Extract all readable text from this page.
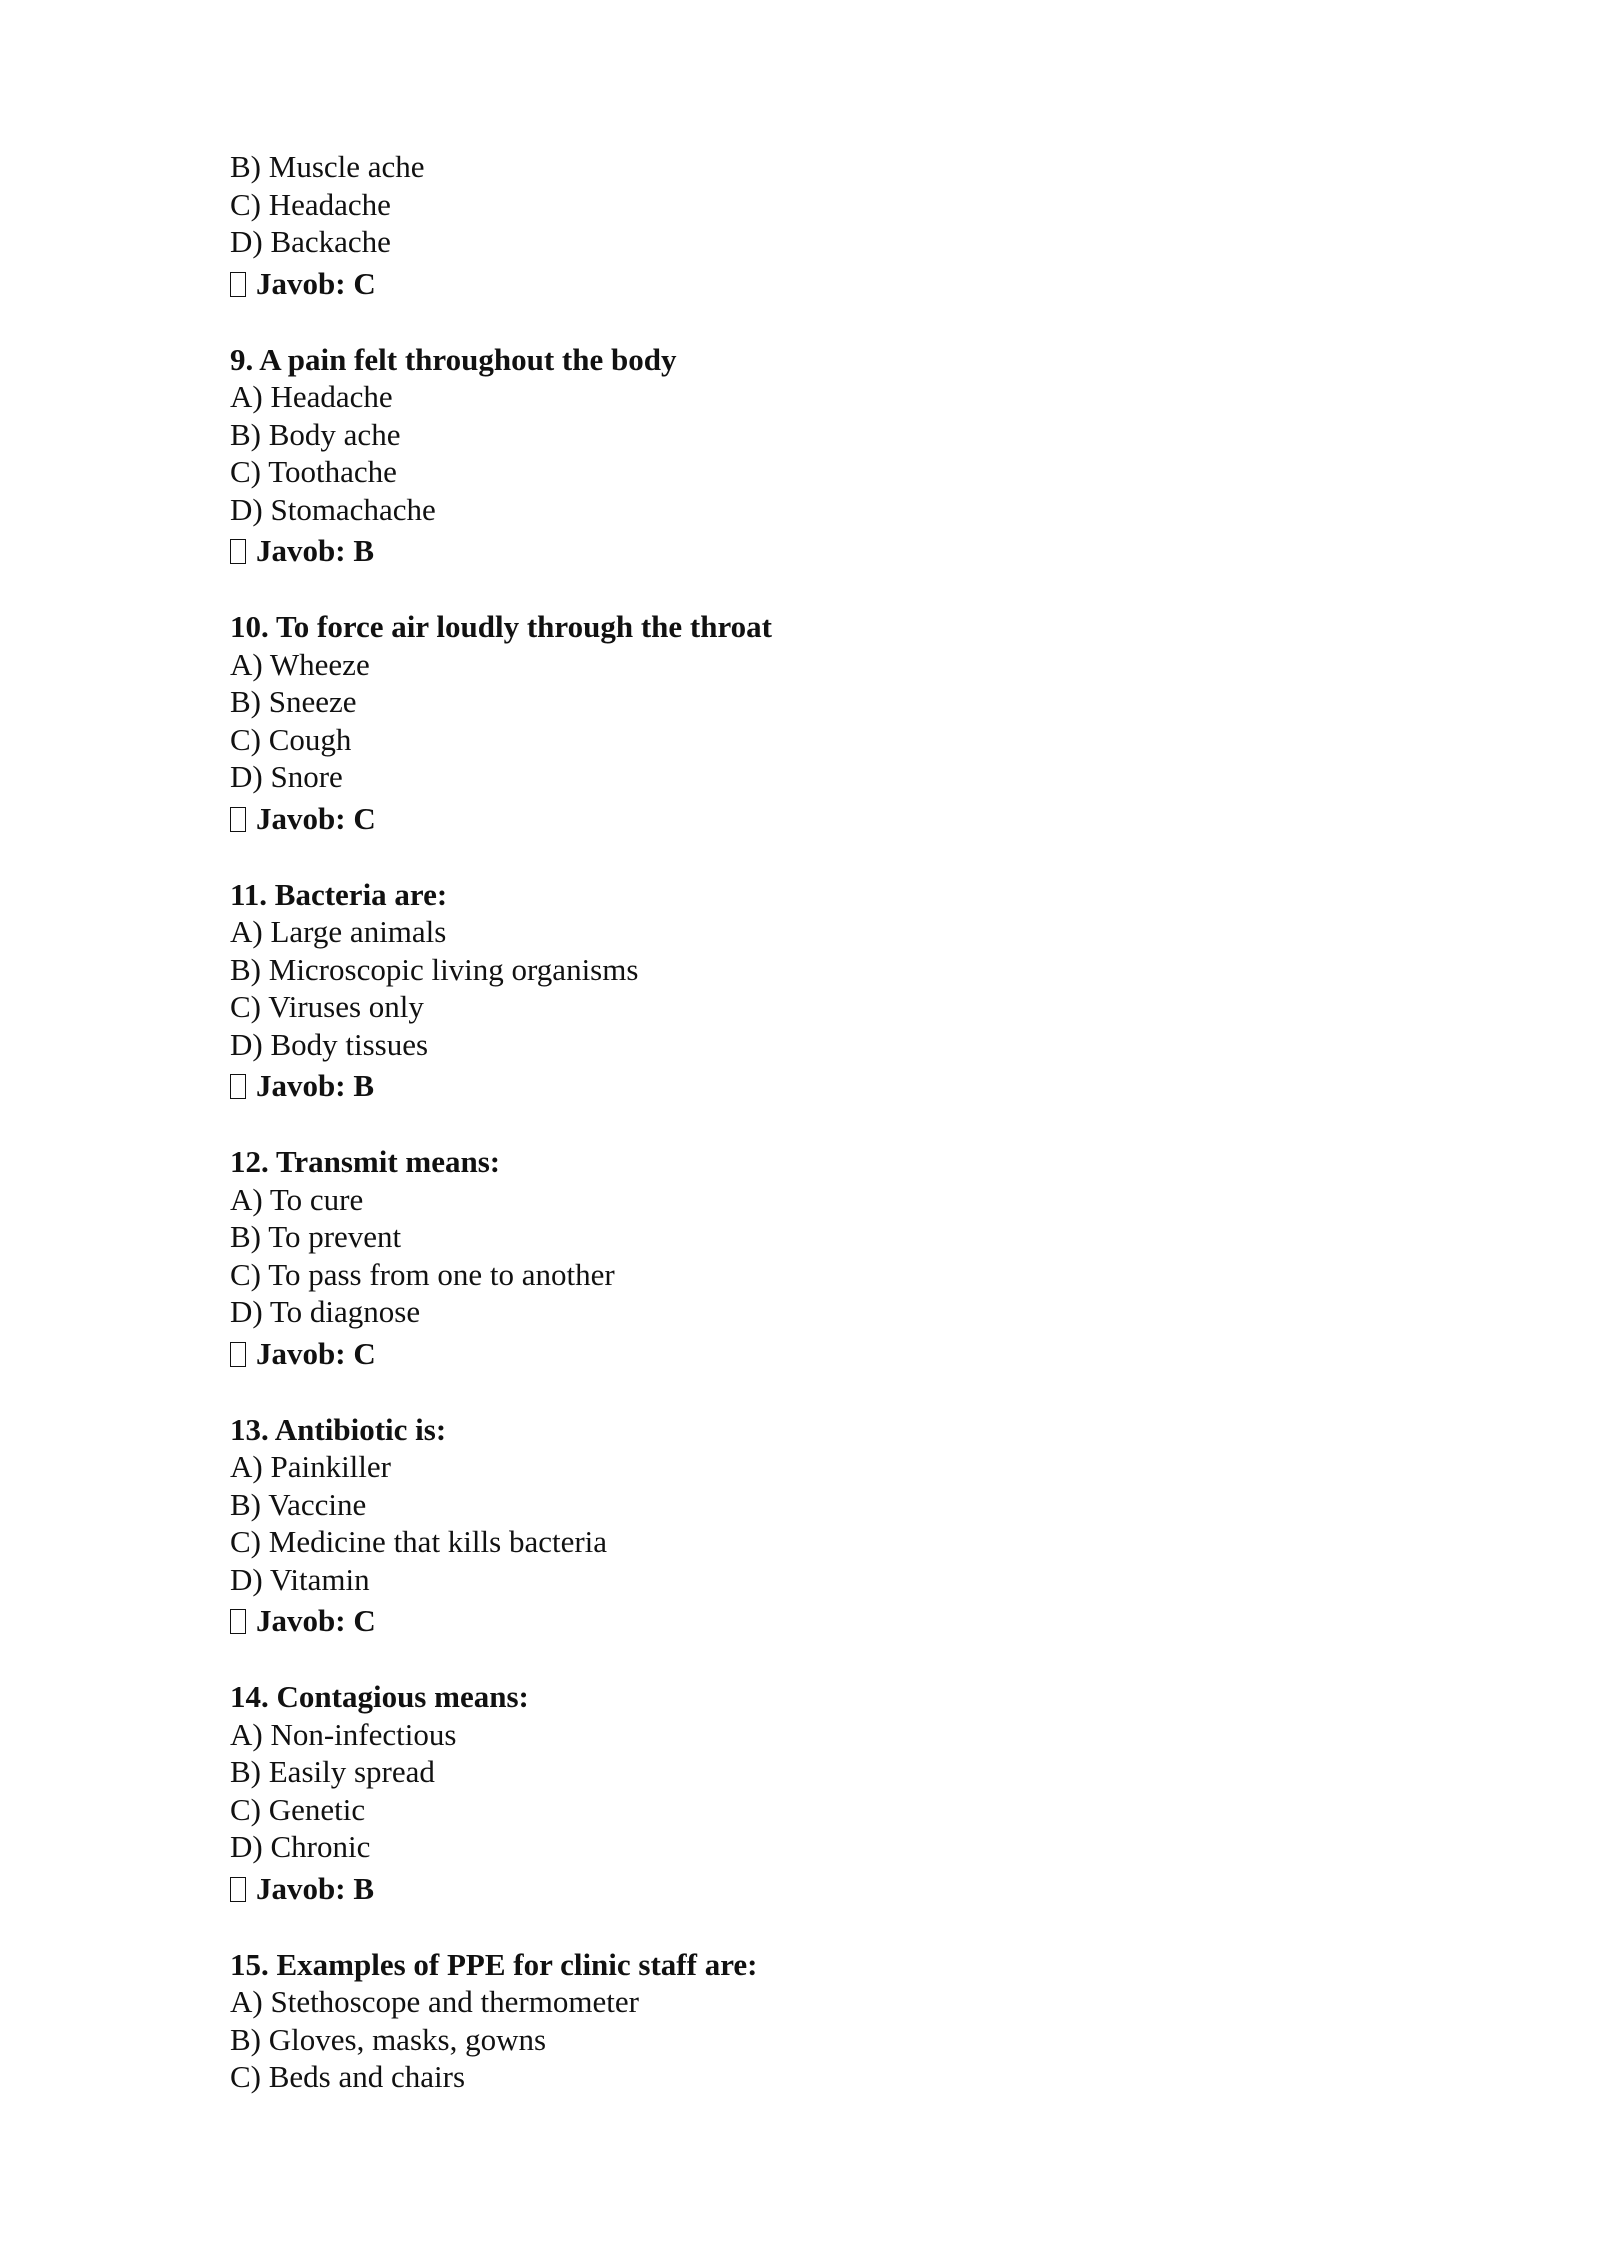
B) Muscle ache
C) Headache
D) Backache
Javob: C
9. A pain felt throughout the body
A) Headache
B) Body ache
C) Toothache
D) Stomachache
Javob: B
10. To force air loudly through the throat
A) Wheeze
B) Sneeze
C) Cough
D) Snore
Javob: C
11. Bacteria are:
A) Large animals
B) Microscopic living organisms
C) Viruses only
D) Body tissues
Javob: B
12. Transmit means:
A) To cure
B) To prevent
C) To pass from one to another
D) To diagnose
Javob: C
13. Antibiotic is:
A) Painkiller
B) Vaccine
C) Medicine that kills bacteria
D) Vitamin
Javob: C
14. Contagious means:
A) Non-infectious
B) Easily spread
C) Genetic
D) Chronic
Javob: B
15. Examples of PPE for clinic staff are:
A) Stethoscope and thermometer
B) Gloves, masks, gowns
C) Beds and chairs
